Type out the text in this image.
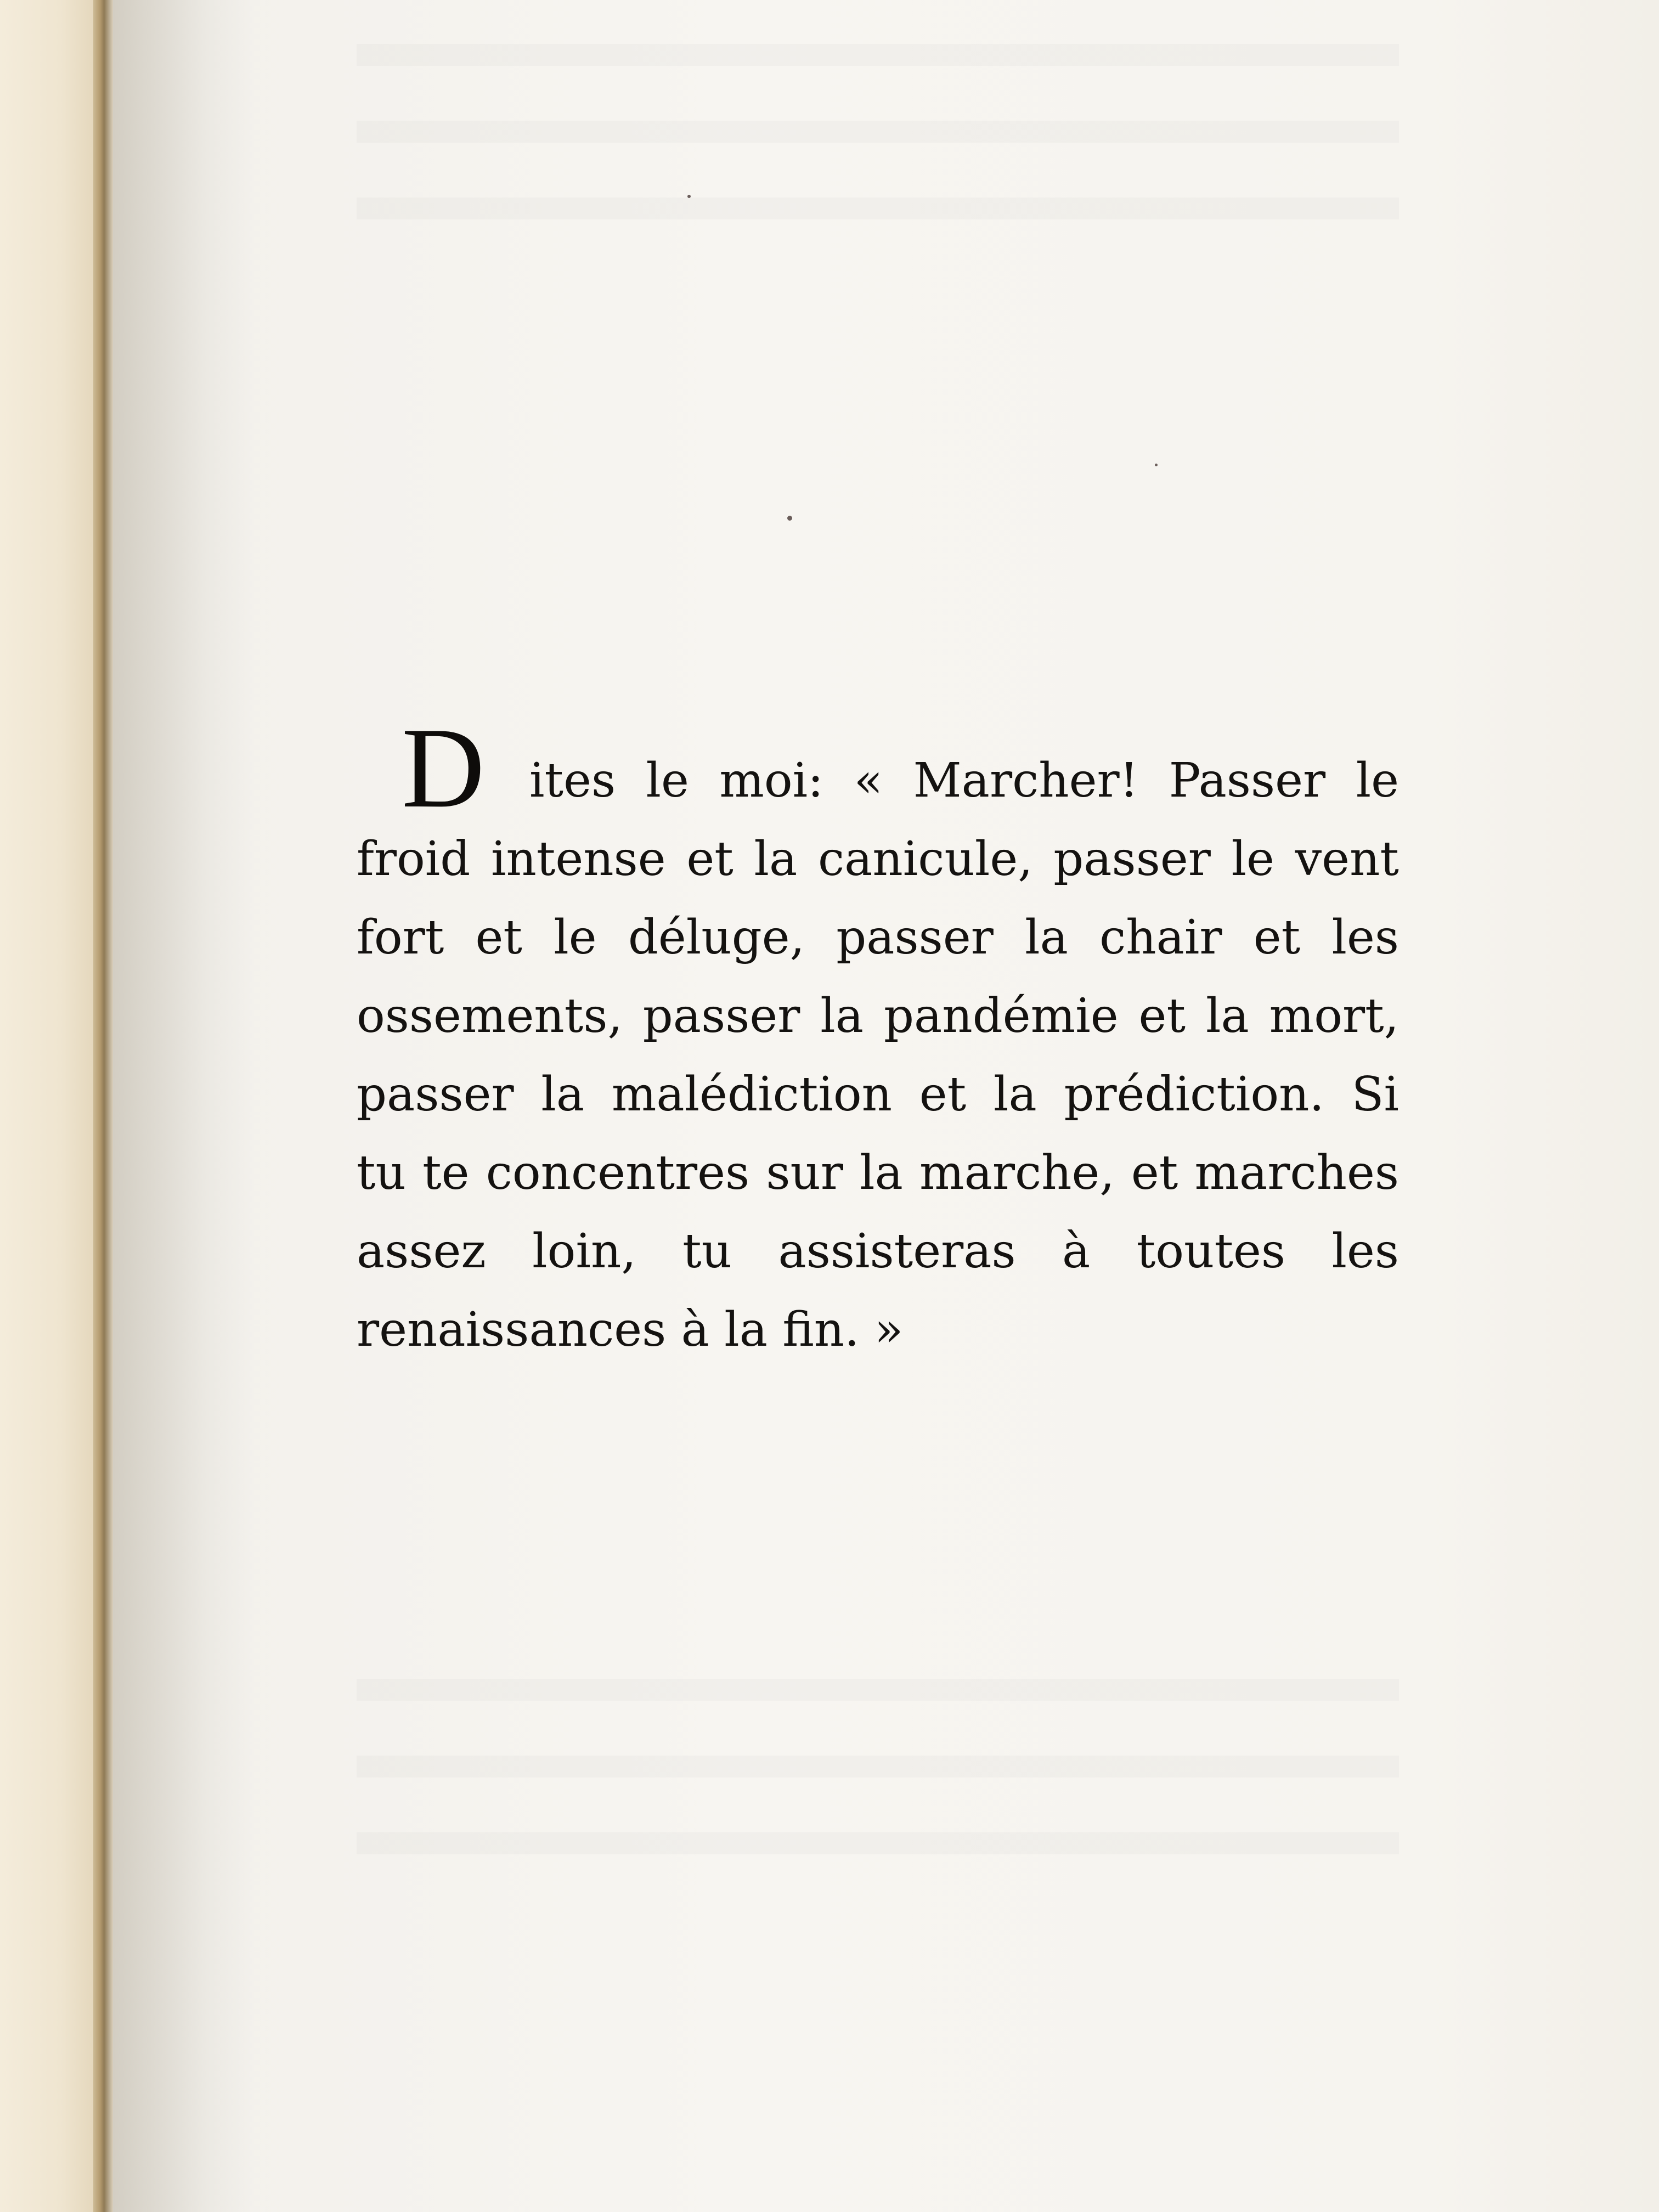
D ites le moi: « Marcher! Passer le
froid intense et la canicule, passer le vent
fort et le déluge, passer la chair et les
ossements, passer la pandémie et la mort,
passer la malédiction et la prédiction. Si
tu te concentres sur la marche, et marches
assez loin, tu assisteras à toutes les
renaissances à la fin. »
